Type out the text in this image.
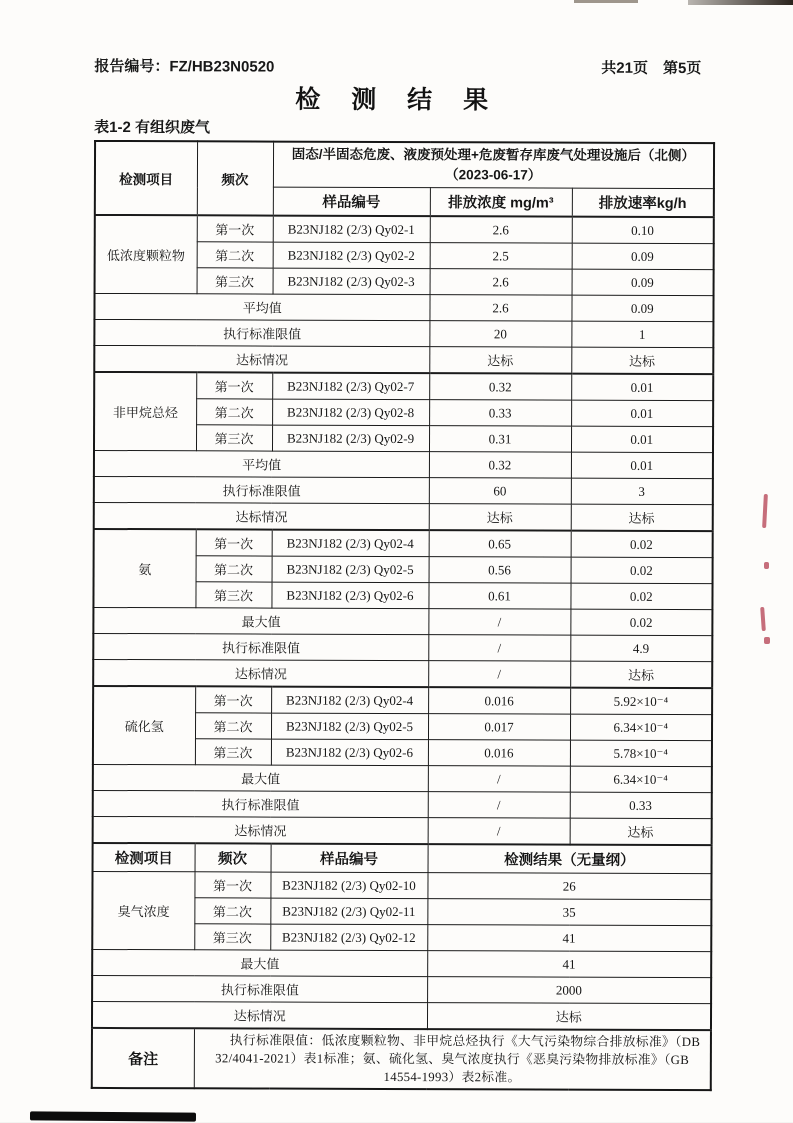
报告编号：FZ/HB23N0520	共21页　 第5页
检 测 结 果
表1-2 有组织废气
检测项目	频次	固态/半固态危废、液废预处理+危废暂存库废气处理设施后（北侧）
（2023-06-17）		

		样品编号	排放浓度 mg/m³	排放速率kg/h
低浓度颗粒物	第一次	B23NJ182 (2/3) Qy02-1	2.6	0.10
	第二次	B23NJ182 (2/3) Qy02-2	2.5	0.09
	第三次	B23NJ182 (2/3) Qy02-3	2.6	0.09
平均值			2.6	0.09
执行标准限值			20	1
达标情况			达标	达标
非甲烷总烃	第一次	B23NJ182 (2/3) Qy02-7	0.32	0.01
	第二次	B23NJ182 (2/3) Qy02-8	0.33	0.01
	第三次	B23NJ182 (2/3) Qy02-9	0.31	0.01
平均值			0.32	0.01
执行标准限值			60	3
达标情况			达标	达标
氨	第一次	B23NJ182 (2/3) Qy02-4	0.65	0.02
	第二次	B23NJ182 (2/3) Qy02-5	0.56	0.02
	第三次	B23NJ182 (2/3) Qy02-6	0.61	0.02
最大值			/	0.02
执行标准限值			/	4.9
达标情况			/	达标
硫化氢	第一次	B23NJ182 (2/3) Qy02-4	0.016	5.92×10⁻⁴
	第二次	B23NJ182 (2/3) Qy02-5	0.017	6.34×10⁻⁴
	第三次	B23NJ182 (2/3) Qy02-6	0.016	5.78×10⁻⁴
最大值			/	6.34×10⁻⁴
执行标准限值			/	0.33
达标情况			/	达标
检测项目	频次	样品编号	检测结果（无量纲）	
臭气浓度	第一次	B23NJ182 (2/3) Qy02-10	26	
	第二次	B23NJ182 (2/3) Qy02-11	35	
	第三次	B23NJ182 (2/3) Qy02-12	41	
最大值			41	
执行标准限值			2000	
达标情况			达标	
备注	执行标准限值：低浓度颗粒物、非甲烷总烃执行《大气污染物综合排放标准》（DB 32/4041-2021）表1标准；氨、硫化氢、臭气浓度执行《恶臭污染物排放标准》（GB 14554-1993）表2标准。			
